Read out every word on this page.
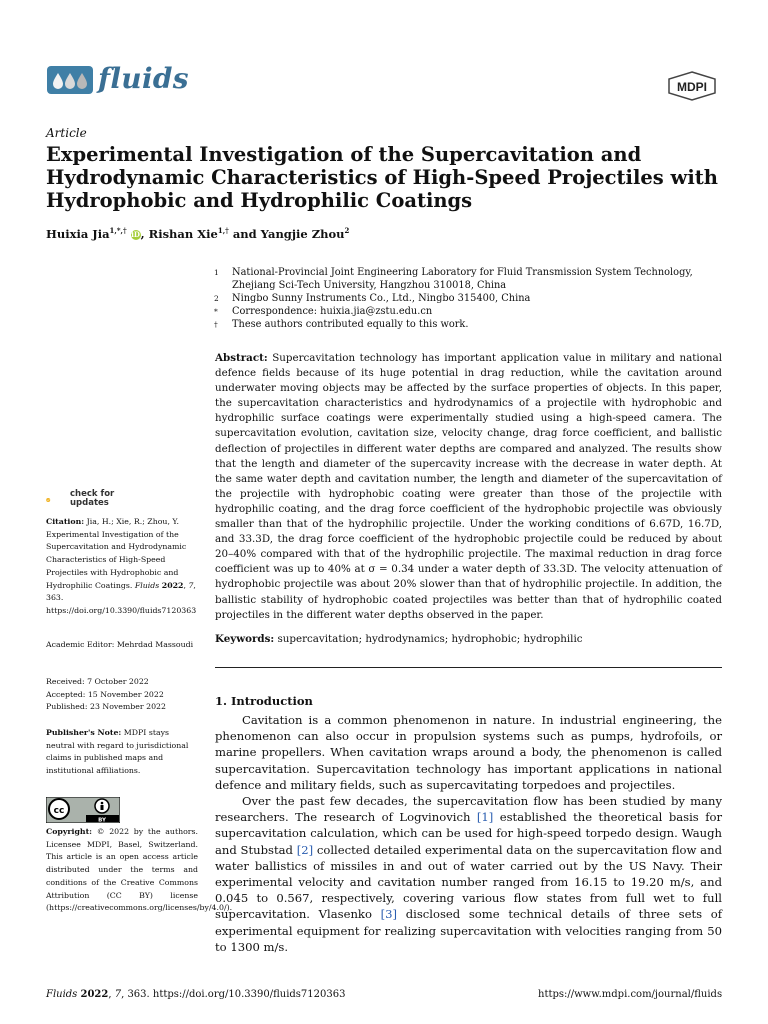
fluids	MDPI
Article
Experimental Investigation of the Supercavitation and Hydrodynamic Characteristics of High-Speed Projectiles with Hydrophobic and Hydrophilic Coatings
Huixia Jia$^{1,*,\dagger}$ iD, Rishan Xie$^{1,\dagger}$ and Yangjie Zhou$^2$
1	National-Provincial Joint Engineering Laboratory for Fluid Transmission System Technology, Zhejiang Sci-Tech University, Hangzhou 310018, China
2	Ningbo Sunny Instruments Co., Ltd., Ningbo 315400, China
*	Correspondence: huixia.jia@zstu.edu.cn
†	These authors contributed equally to this work.

Abstract: Supercavitation technology has important application value in military and national defence fields because of its huge potential in drag reduction, while the cavitation around underwater moving objects may be affected by the surface properties of objects. In this paper, the supercavitation characteristics and hydrodynamics of a projectile with hydrophobic and hydrophilic surface coatings were experimentally studied using a high-speed camera. The supercavitation evolution, cavitation size, velocity change, drag force coefficient, and ballistic deflection of projectiles in different water depths are compared and analyzed. The results show that the length and diameter of the supercavity increase with the decrease in water depth. At the same water depth and cavitation number, the length and diameter of the supercavitation of the projectile with hydrophobic coating were greater than those of the projectile with hydrophilic coating, and the drag force coefficient of the hydrophobic projectile was obviously smaller than that of the hydrophilic projectile. Under the working conditions of 6.67D, 16.7D, and 33.3D, the drag force coefficient of the hydrophobic projectile could be reduced by about 20–40% compared with that of the hydrophilic projectile. The maximal reduction in drag force coefficient was up to 40% at σ = 0.34 under a water depth of 33.3D. The velocity attenuation of hydrophobic projectile was about 20% slower than that of hydrophilic projectile. In addition, the ballistic stability of hydrophobic coated projectiles was better than that of hydrophilic coated projectiles in the different water depths observed in the paper.

Keywords: supercavitation; hydrodynamics; hydrophobic; hydrophilic

1. Introduction

Cavitation is a common phenomenon in nature. In industrial engineering, the phenomenon can also occur in propulsion systems such as pumps, hydrofoils, or marine propellers. When cavitation wraps around a body, the phenomenon is called supercavitation. Supercavitation technology has important applications in national defence and military fields, such as supercavitating torpedoes and projectiles.

Over the past few decades, the supercavitation flow has been studied by many researchers. The research of Logvinovich [1] established the theoretical basis for supercavitation calculation, which can be used for high-speed torpedo design. Waugh and Stubstad [2] collected detailed experimental data on the supercavitation flow and water ballistics of missiles in and out of water carried out by the US Navy. Their experimental velocity and cavitation number ranged from 16.15 to 19.20 m/s, and 0.045 to 0.567, respectively, covering various flow states from full wet to full supercavitation. Vlasenko [3] disclosed some technical details of three sets of experimental equipment for realizing supercavitation with velocities ranging from 50 to 1300 m/s.

check for
updates
Citation: Jia, H.; Xie, R.; Zhou, Y. Experimental Investigation of the Supercavitation and Hydrodynamic Characteristics of High-Speed Projectiles with Hydrophobic and Hydrophilic Coatings. Fluids 2022, 7, 363. https://doi.org/10.3390/fluids7120363
Academic Editor: Mehrdad Massoudi
Received: 7 October 2022
Accepted: 15 November 2022
Published: 23 November 2022
Publisher's Note: MDPI stays neutral with regard to jurisdictional claims in published maps and institutional affiliations.
cc
BY
Copyright: © 2022 by the authors. Licensee MDPI, Basel, Switzerland. This article is an open access article distributed under the terms and conditions of the Creative Commons Attribution (CC BY) license (https://creativecommons.org/licenses/by/4.0/).
Fluids 2022, 7, 363. https://doi.org/10.3390/fluids7120363	https://www.mdpi.com/journal/fluids
